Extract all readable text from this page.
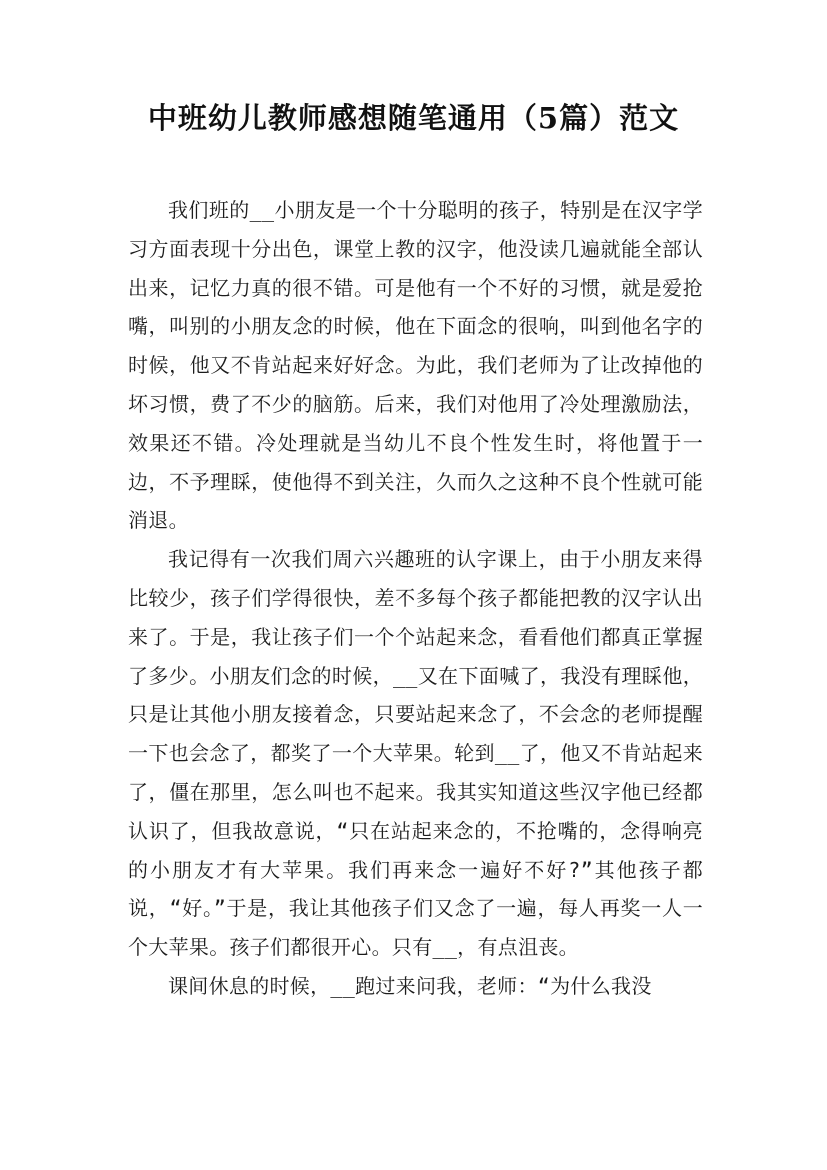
中班幼儿教师感想随笔通用（5篇）范文

我们班的__小朋友是一个十分聪明的孩子，特别是在汉字学习方面表现十分出色，课堂上教的汉字，他没读几遍就能全部认出来，记忆力真的很不错。可是他有一个不好的习惯，就是爱抢嘴，叫别的小朋友念的时候，他在下面念的很响，叫到他名字的时候，他又不肯站起来好好念。为此，我们老师为了让改掉他的坏习惯，费了不少的脑筋。后来，我们对他用了冷处理激励法，效果还不错。冷处理就是当幼儿不良个性发生时，将他置于一边，不予理睬，使他得不到关注，久而久之这种不良个性就可能消退。

我记得有一次我们周六兴趣班的认字课上，由于小朋友来得比较少，孩子们学得很快，差不多每个孩子都能把教的汉字认出来了。于是，我让孩子们一个个站起来念，看看他们都真正掌握了多少。小朋友们念的时候，__又在下面喊了，我没有理睬他，只是让其他小朋友接着念，只要站起来念了，不会念的老师提醒一下也会念了，都奖了一个大苹果。轮到__了，他又不肯站起来了，僵在那里，怎么叫也不起来。我其实知道这些汉字他已经都认识了，但我故意说，“只在站起来念的，不抢嘴的，念得响亮的小朋友才有大苹果。我们再来念一遍好不好?”其他孩子都说，“好。”于是，我让其他孩子们又念了一遍，每人再奖一人一个大苹果。孩子们都很开心。只有__，有点沮丧。

课间休息的时候，__跑过来问我，老师：“为什么我没
